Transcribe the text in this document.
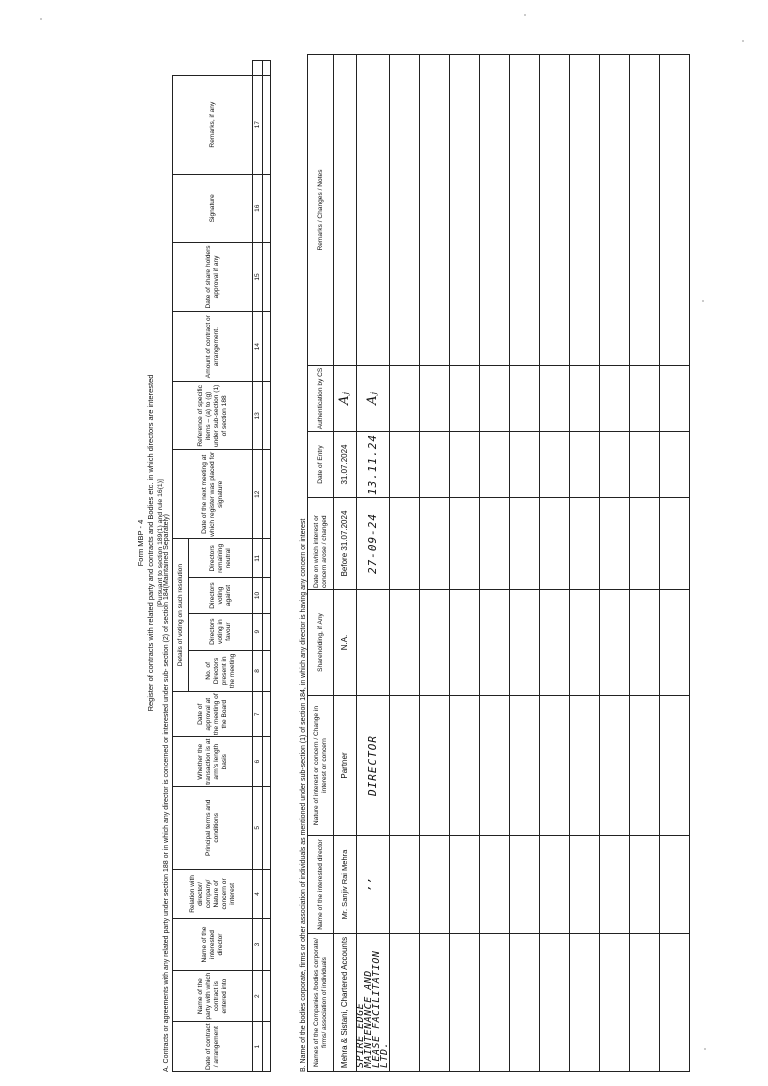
Form MBP - 4 Register of contracts with related party and contracts and Bodies etc. in which directors are interested [Pursuant to section 189(1) and rule 16(1)] A. Contracts or agreements with any related party under section 188 or in which any director is concerned or interested under sub- section (2) of section 184(Maintained Separately)	Date of contract / arrangement	Name of the party with which contract is entered into	Name of the interested director	Relation with director/ company/ Nature of concern or interest	Principal terms and conditions	Whether the transaction is at arm's length basis	Date of approval at the meeting of the Board	Details of voting on such resolution				Date of the next meeting at which register was placed for signature	Reference of specific items – (a) to (g) under sub-section (1) of section 188	Amount of contract or arrangement.	Date of share holders approval if any	Signature	Remarks, if any	
							No. of Directors present in the meeting	Directors voting in favour	Directors voting against	Directors remaining neutral							
1	2	3	4	5	6	7	8	9	10	11	12	13	14	15	16	17	

B. Name of the bodies corporate, firms or other association of individuals as mentioned under sub-section (1) of section 184, in which any director is having any concern or interest Names of the Companies /bodies corporate/ firms/ association of individuals	Name of the interested director	Nature of interest or concern / Change in interest or concern	Shareholding, if Any	Date on which interest or concern arose / changed	Date of Entry	Authentication by CS	Remarks / Changes / Notes
Mehra & Sistani, Chartered Accounts	Mr. Sanjiv Rai Mehra	Partner	N.A.	Before 31.07.2024	31.07.2024	Aⱼ	

SPIRE EDGE MAINTENANCE AND
LEASE FACILITATION LTD.	’’	DIRECTOR		27-09-24	13.11.24	Aⱼ	
